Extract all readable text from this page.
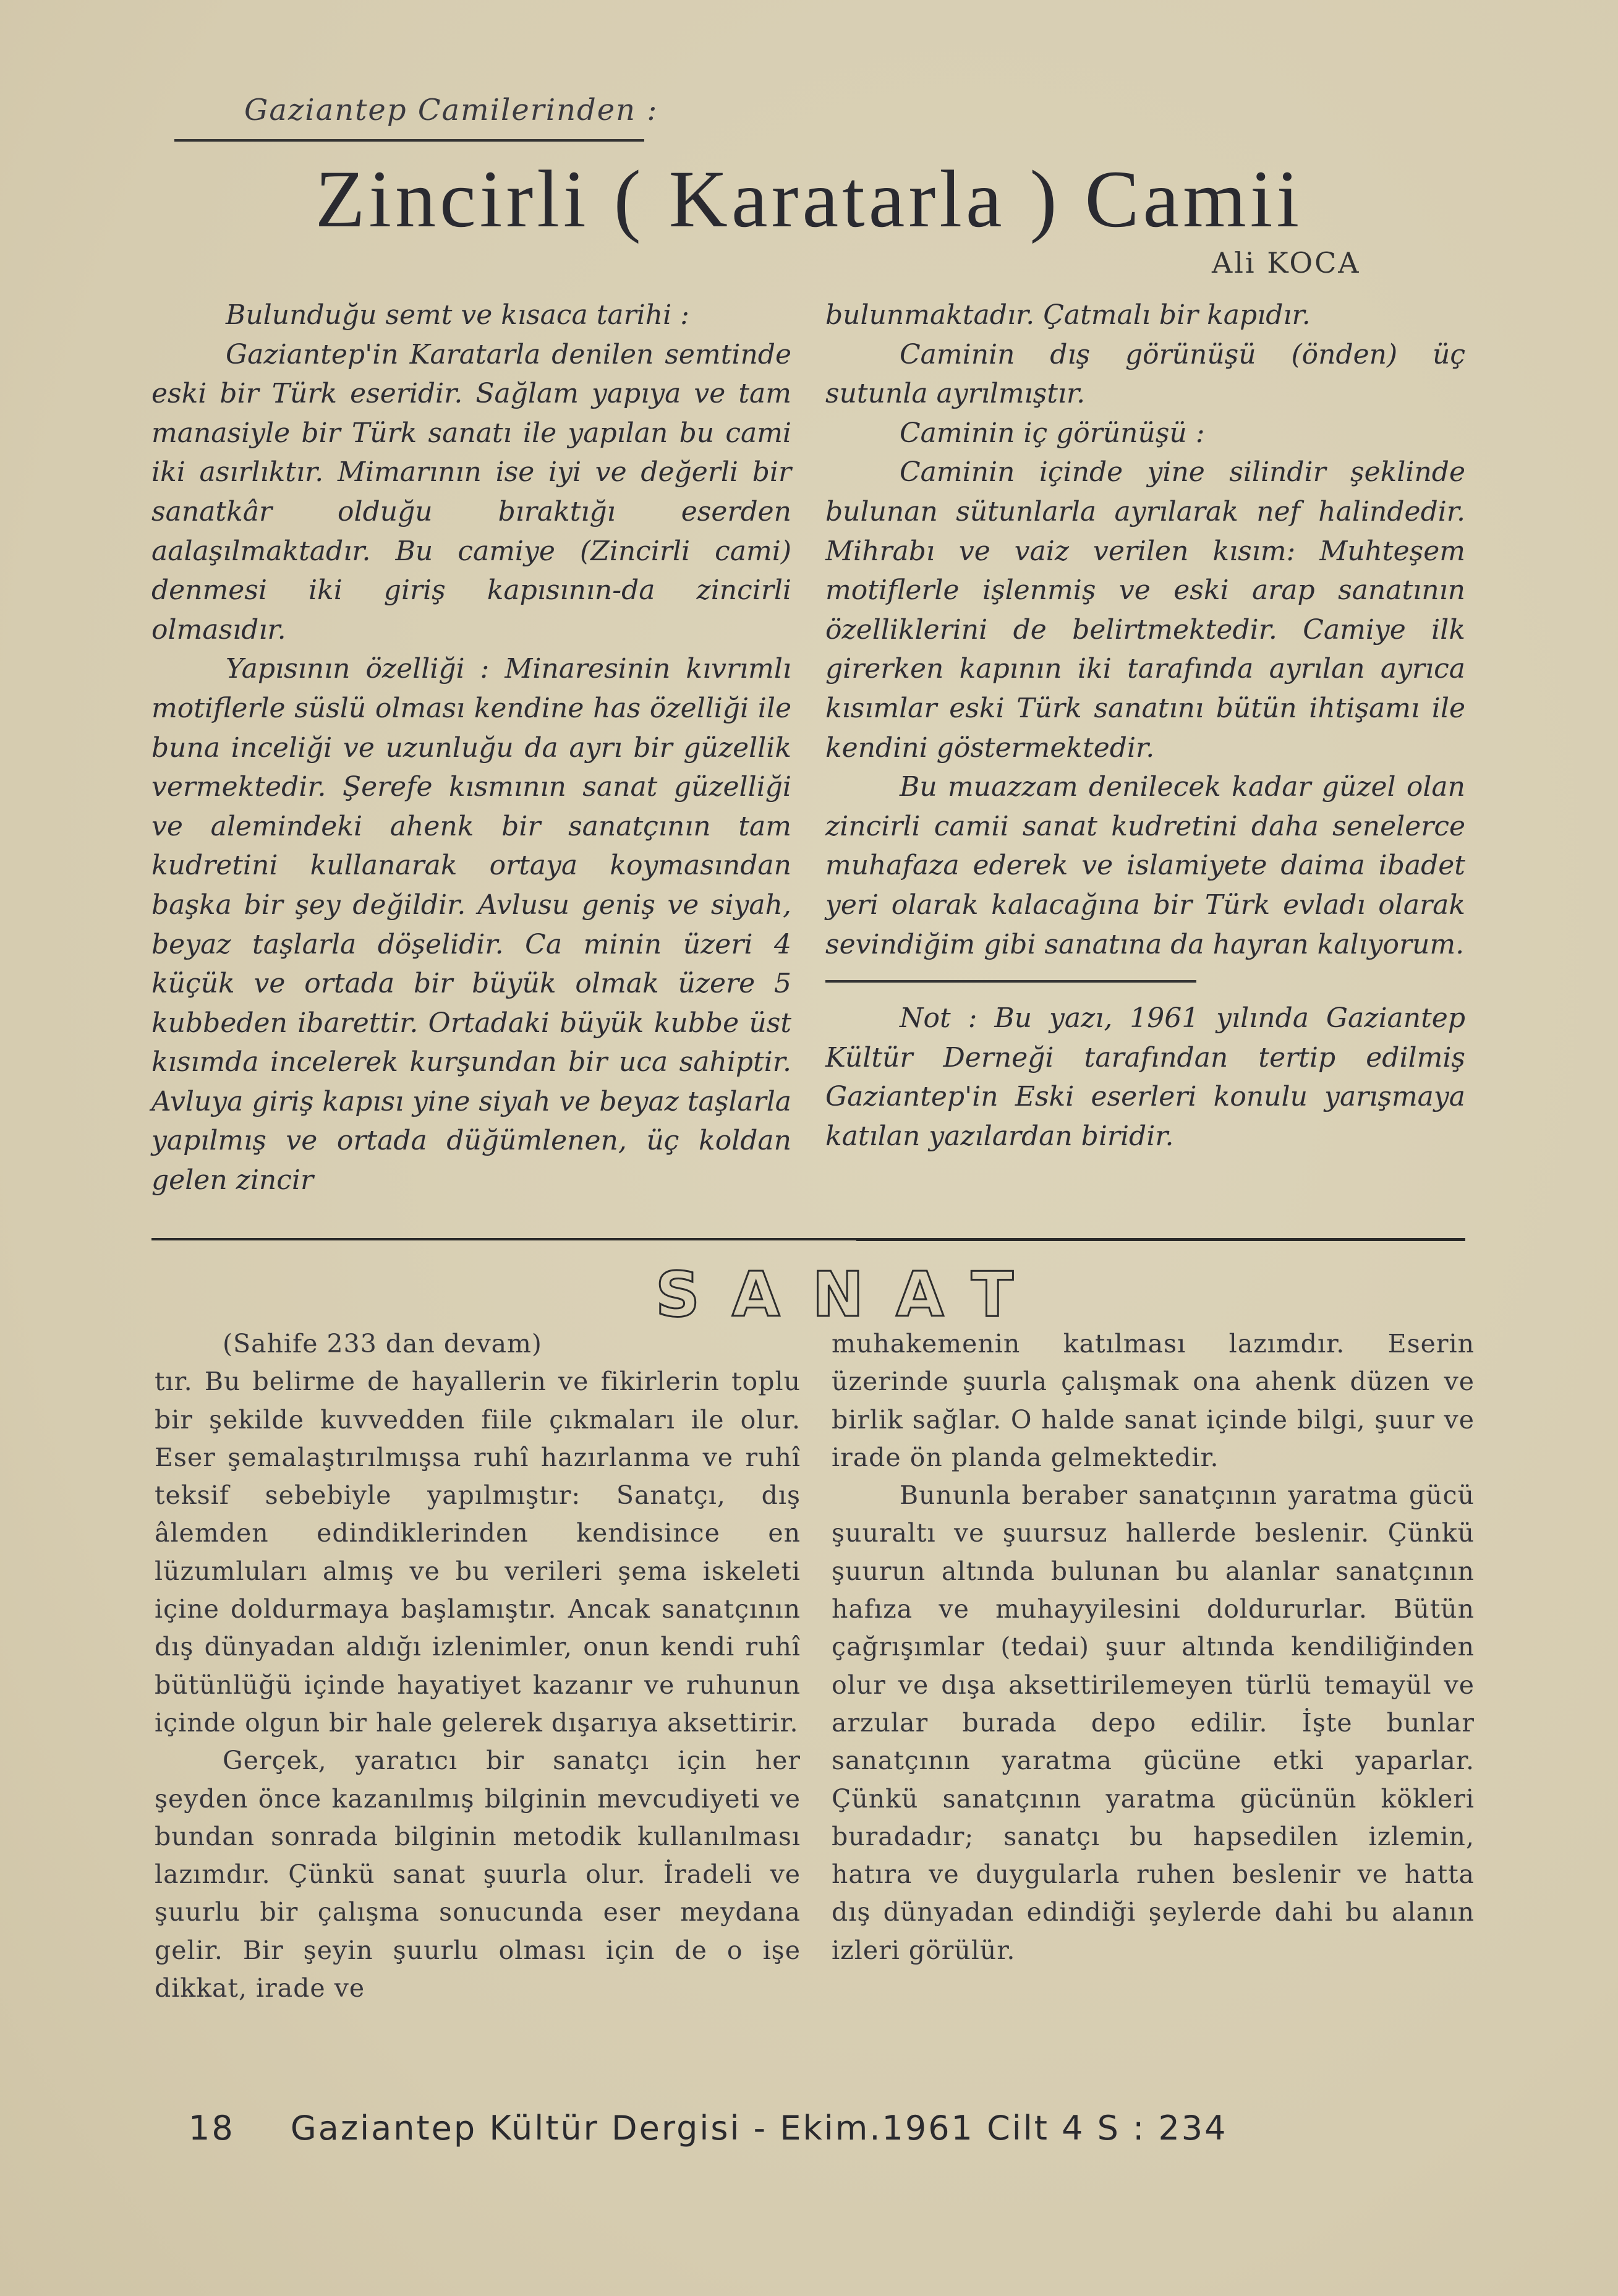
Gaziantep Camilerinden :
Zincirli ( Karatarla ) Camii
Ali KOCA

Bulunduğu semt ve kısaca tarihi :

Gaziantep'in Karatarla denilen semtinde eski bir Türk eseridir. Sağlam yapıya ve tam manasiyle bir Türk sanatı ile yapılan bu cami iki asırlıktır. Mimarının ise iyi ve değerli bir sanatkâr olduğu bıraktığı eserden aalaşılmaktadır. Bu camiye (Zincirli cami) denmesi iki giriş kapısının-da zincirli olmasıdır.

Yapısının özelliği : Minaresinin kıvrımlı motiflerle süslü olması kendine has özelliği ile buna inceliği ve uzunluğu da ayrı bir güzellik vermektedir. Şerefe kısmının sanat güzelliği ve alemindeki ahenk bir sanatçının tam kudretini kullanarak ortaya koymasından başka bir şey değildir. Avlusu geniş ve siyah, beyaz taşlarla döşelidir. Ca minin üzeri 4 küçük ve ortada bir büyük olmak üzere 5 kubbeden ibarettir. Ortadaki büyük kubbe üst kısımda incelerek kurşundan bir uca sahiptir. Avluya giriş kapısı yine siyah ve beyaz taşlarla yapılmış ve ortada düğümlenen, üç koldan gelen zincir

bulunmaktadır. Çatmalı bir kapıdır.

Caminin dış görünüşü (önden) üç sutunla ayrılmıştır.

Caminin iç görünüşü :

Caminin içinde yine silindir şeklinde bulunan sütunlarla ayrılarak nef halindedir. Mihrabı ve vaiz verilen kısım: Muhteşem motiflerle işlenmiş ve eski arap sanatının özelliklerini de belirtmektedir. Camiye ilk girerken kapının iki tarafında ayrılan ayrıca kısımlar eski Türk sanatını bütün ihtişamı ile kendini göstermektedir.

Bu muazzam denilecek kadar güzel olan zincirli camii sanat kudretini daha senelerce muhafaza ederek ve islamiyete daima ibadet yeri olarak kalacağına bir Türk evladı olarak sevindiğim gibi sanatına da hayran kalıyorum.

Not : Bu yazı, 1961 yılında Gaziantep Kültür Derneği tarafından tertip edilmiş Gaziantep'in Eski eserleri konulu yarışmaya katılan yazılardan biridir.

SANAT

(Sahife 233 dan devam)

tır. Bu belirme de hayallerin ve fikirlerin toplu bir şekilde kuvvedden fiile çıkmaları ile olur. Eser şemalaştırılmışsa ruhî hazırlanma ve ruhî teksif sebebiyle yapılmıştır: Sanatçı, dış âlemden edindiklerinden kendisince en lüzumluları almış ve bu verileri şema iskeleti içine doldurmaya başlamıştır. Ancak sanatçının dış dünyadan aldığı izlenimler, onun kendi ruhî bütünlüğü içinde hayatiyet kazanır ve ruhunun içinde olgun bir hale gelerek dışarıya aksettirir.

Gerçek, yaratıcı bir sanatçı için her şeyden önce kazanılmış bilginin mevcudiyeti ve bundan sonrada bilginin metodik kullanılması lazımdır. Çünkü sanat şuurla olur. İradeli ve şuurlu bir çalışma sonucunda eser meydana gelir. Bir şeyin şuurlu olması için de o işe dikkat, irade ve

muhakemenin katılması lazımdır. Eserin üzerinde şuurla çalışmak ona ahenk düzen ve birlik sağlar. O halde sanat içinde bilgi, şuur ve irade ön planda gelmektedir.

Bununla beraber sanatçının yaratma gücü şuuraltı ve şuursuz hallerde beslenir. Çünkü şuurun altında bulunan bu alanlar sanatçının hafıza ve muhayyilesini doldururlar. Bütün çağrışımlar (tedai) şuur altında kendiliğinden olur ve dışa aksettirilemeyen türlü temayül ve arzular burada depo edilir. İşte bunlar sanatçının yaratma gücüne etki yaparlar. Çünkü sanatçının yaratma gücünün kökleri buradadır; sanatçı bu hapsedilen izlemin, hatıra ve duygularla ruhen beslenir ve hatta dış dünyadan edindiği şeylerde dahi bu alanın izleri görülür.

18 Gaziantep Kültür Dergisi - Ekim.1961 Cilt 4 S : 234
